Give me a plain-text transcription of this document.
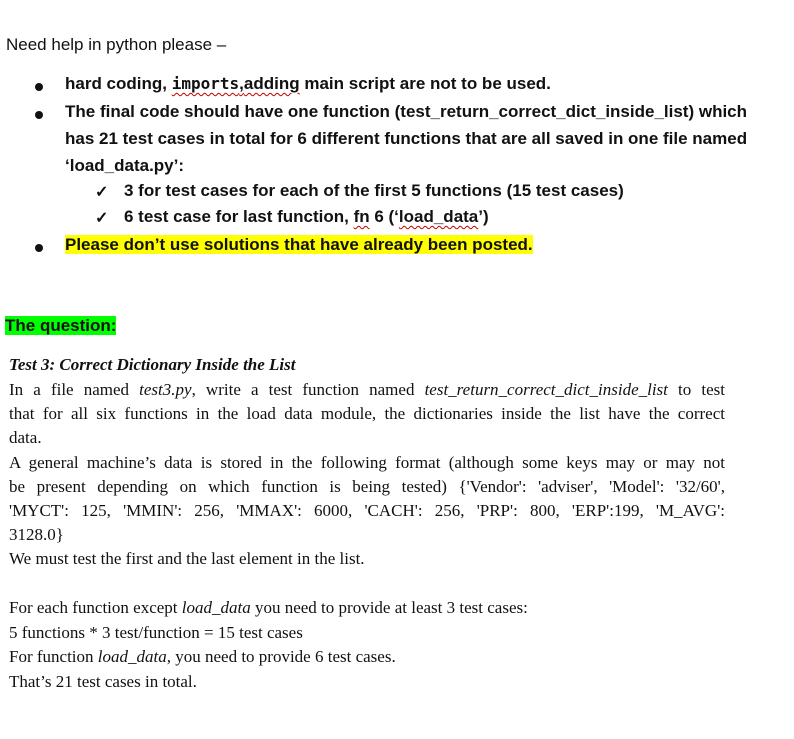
Need help in python please –
hard coding, imports,adding main script are not to be used.
The final code should have one function (test_return_correct_dict_inside_list) which
has 21 test cases in total for 6 different functions that are all saved in one file named
‘load_data.py’:
✓ 3 for test cases for each of the first 5 functions (15 test cases)
✓ 6 test case for last function, fn 6 (‘load_data’)
Please don’t use solutions that have already been posted.
The question:
Test 3: Correct Dictionary Inside the List
In a file named test3.py, write a test function named test_return_correct_dict_inside_list to test
that for all six functions in the load data module, the dictionaries inside the list have the correct
data.
A general machine’s data is stored in the following format (although some keys may or may not
be present depending on which function is being tested) {'Vendor': 'adviser', 'Model': '32/60',
'MYCT': 125, 'MMIN': 256, 'MMAX': 6000, 'CACH': 256, 'PRP': 800, 'ERP':199, 'M_AVG':
3128.0}
We must test the first and the last element in the list.
For each function except load_data you need to provide at least 3 test cases:
5 functions * 3 test/function = 15 test cases
For function load_data, you need to provide 6 test cases.
That’s 21 test cases in total.
